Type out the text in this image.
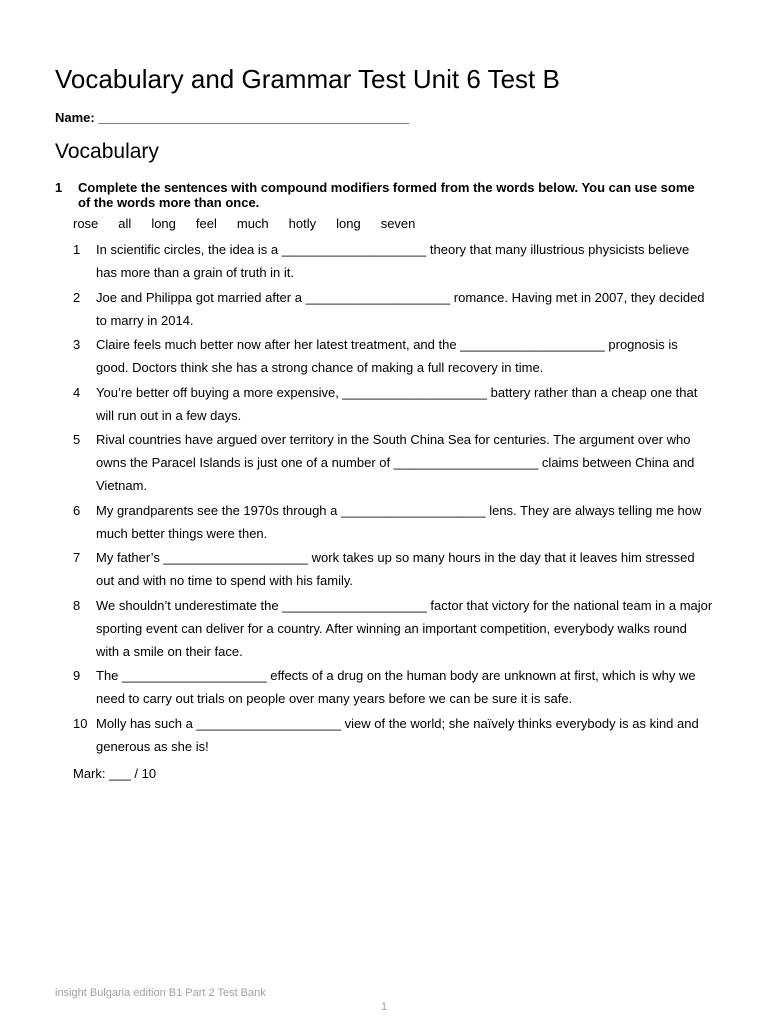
Vocabulary and Grammar Test Unit 6 Test B
Name: ___________________________________________
Vocabulary
1 Complete the sentences with compound modifiers formed from the words below. You can use some of the words more than once.
rose all long feel much hotly long seven
1 In scientific circles, the idea is a ____________________ theory that many illustrious physicists believe has more than a grain of truth in it.
2 Joe and Philippa got married after a ____________________ romance. Having met in 2007, they decided to marry in 2014.
3 Claire feels much better now after her latest treatment, and the ____________________ prognosis is good. Doctors think she has a strong chance of making a full recovery in time.
4 You’re better off buying a more expensive, ____________________ battery rather than a cheap one that will run out in a few days.
5 Rival countries have argued over territory in the South China Sea for centuries. The argument over who owns the Paracel Islands is just one of a number of ____________________ claims between China and Vietnam.
6 My grandparents see the 1970s through a ____________________ lens. They are always telling me how much better things were then.
7 My father’s ____________________ work takes up so many hours in the day that it leaves him stressed out and with no time to spend with his family.
8 We shouldn’t underestimate the ____________________ factor that victory for the national team in a major sporting event can deliver for a country. After winning an important competition, everybody walks round with a smile on their face.
9 The ____________________ effects of a drug on the human body are unknown at first, which is why we need to carry out trials on people over many years before we can be sure it is safe.
10 Molly has such a ____________________ view of the world; she naïvely thinks everybody is as kind and generous as she is!
Mark: ___ / 10
insight Bulgaria edition B1 Part 2 Test Bank
1
